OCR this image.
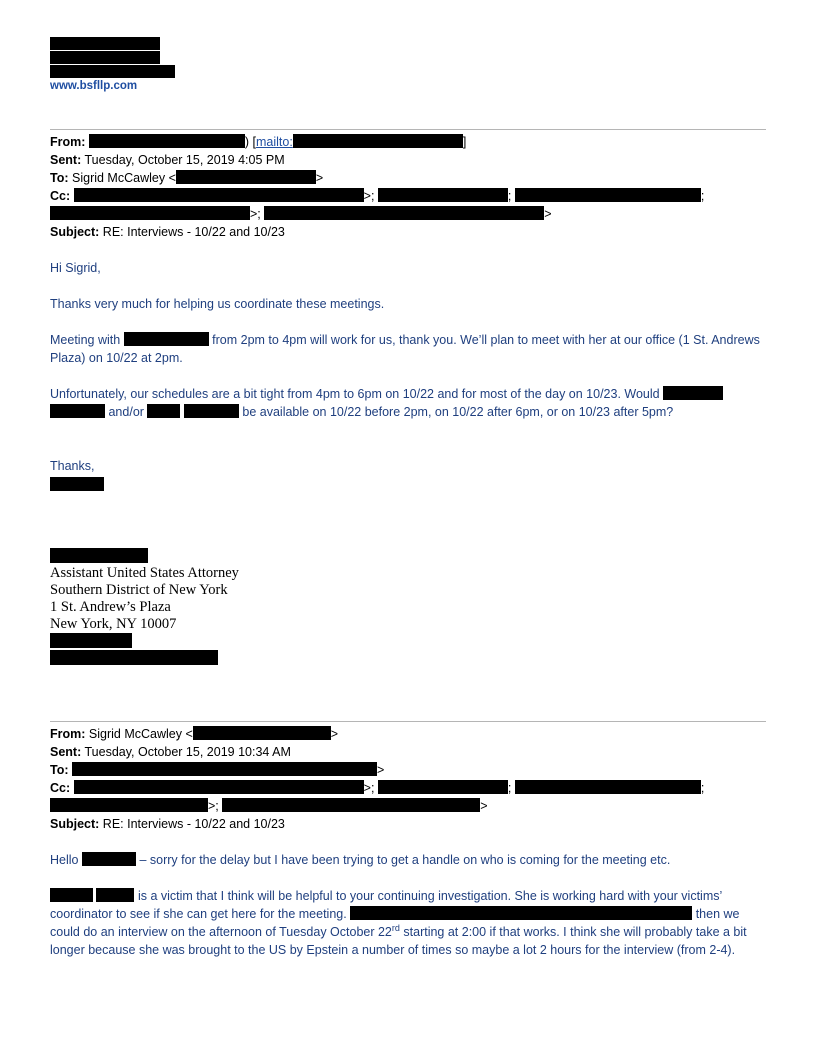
www.bsfllp.com
From:	) [mailto:	]
Sent: Tuesday, October 15, 2019 4:05 PM
To: Sigrid McCawley <	>
Cc:	>;	;	;
>;	>
Subject: RE: Interviews - 10/22 and 10/23
Hi Sigrid,
Thanks very much for helping us coordinate these meetings.
Meeting with	from 2pm to 4pm will work for us, thank you. We’ll plan to meet with her at our office (1 St. Andrews Plaza) on 10/22 at 2pm.
Unfortunately, our schedules are a bit tight from 4pm to 6pm on 10/22 and for most of the day on 10/23. Would   and/or	be available on 10/22 before 2pm, on 10/22 after 6pm, or on 10/23 after 5pm?
Thanks,
Assistant United States Attorney
Southern District of New York
1 St. Andrew’s Plaza
New York, NY 10007
From: Sigrid McCawley <	>
Sent: Tuesday, October 15, 2019 10:34 AM
To:	>
Cc:	>;	;	;
>;	>
Subject: RE: Interviews - 10/22 and 10/23
Hello	– sorry for the delay but I have been trying to get a handle on who is coming for the meeting etc.
is a victim that I think will be helpful to your continuing investigation. She is working hard with your victims’ coordinator to see if she can get here for the meeting.	then we could do an interview on the afternoon of Tuesday October 22rd starting at 2:00 if that works. I think she will probably take a bit longer because she was brought to the US by Epstein a number of times so maybe a lot 2 hours for the interview (from 2-4).
